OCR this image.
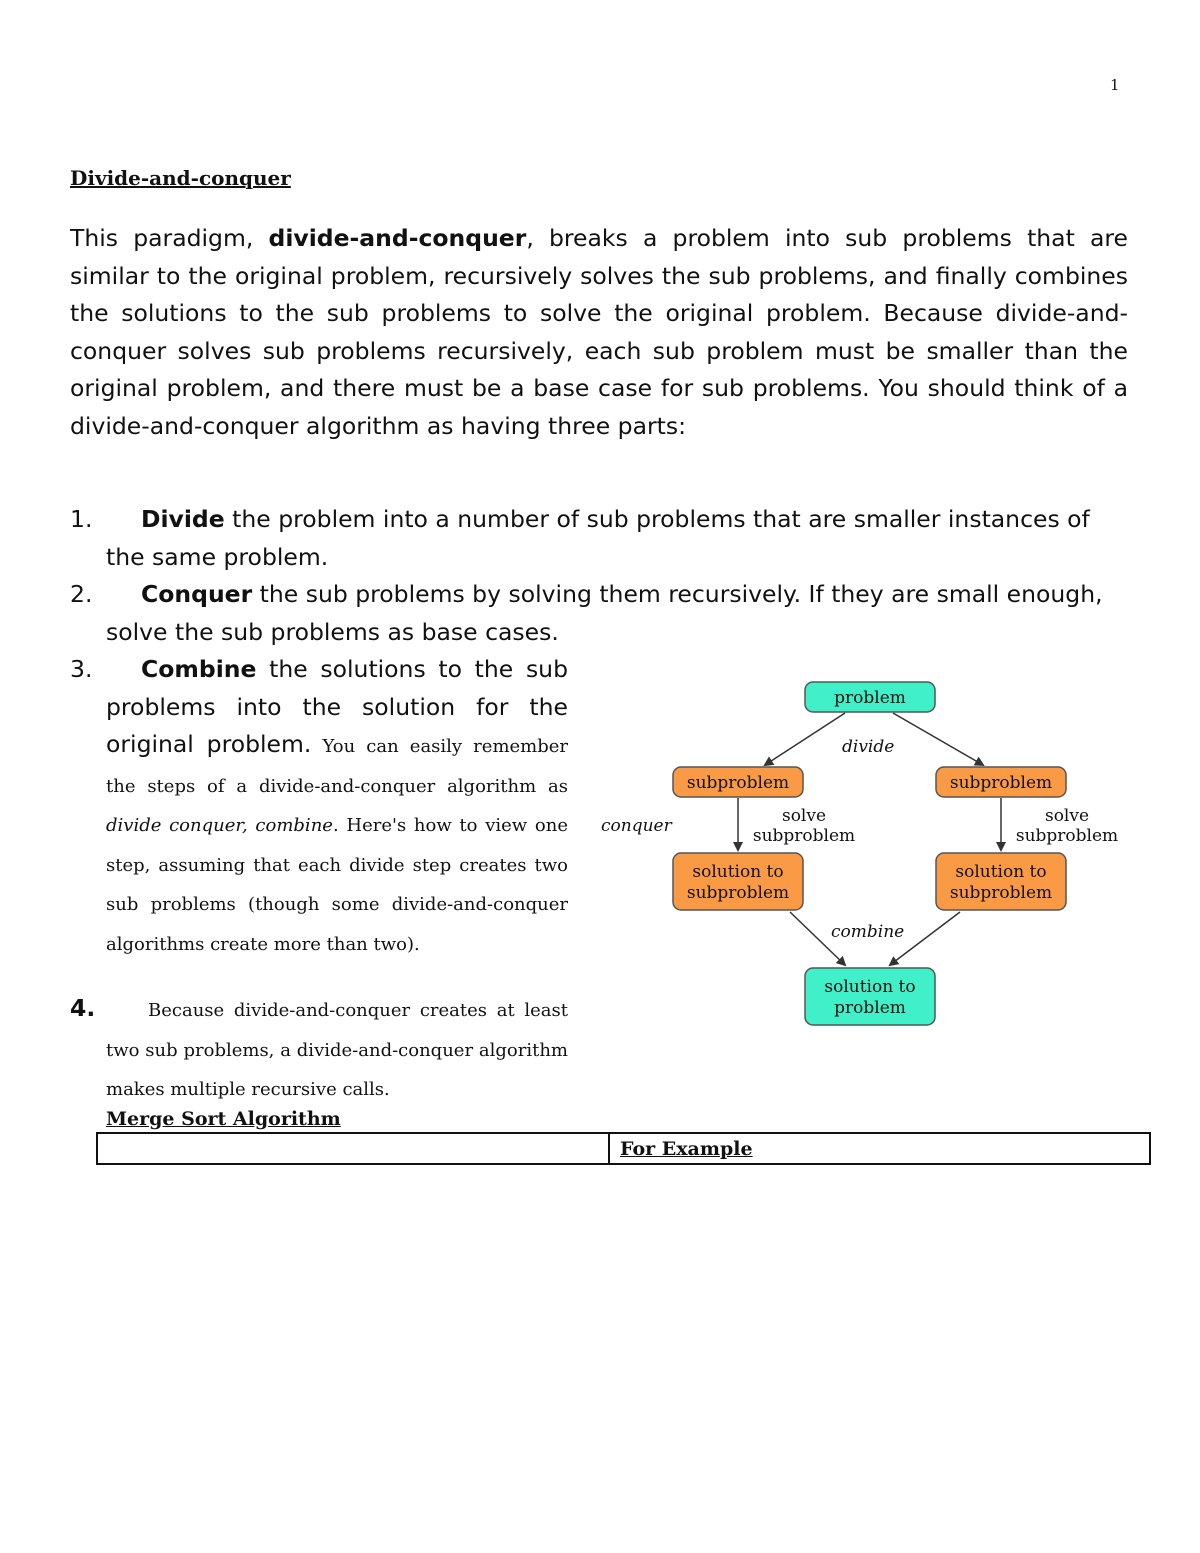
1
Divide-and-conquer
This paradigm, divide-and-conquer, breaks a problem into sub problems that are similar to the original problem, recursively solves the sub problems, and finally combines the solutions to the sub problems to solve the original problem. Because divide-and-conquer solves sub problems recursively, each sub problem must be smaller than the original problem, and there must be a base case for sub problems. You should think of a divide-and-conquer algorithm as having three parts:
1.	Divide the problem into a number of sub problems that are smaller instances of the same problem.
2.	Conquer the sub problems by solving them recursively. If they are small enough, solve the sub problems as base cases.
3.	Combine the solutions to the sub problems into the solution for the original problem. You can easily remember the steps of a divide-and-conquer algorithm as divide conquer, combine. Here's how to view one step, assuming that each divide step creates two sub problems (though some divide-and-conquer algorithms create more than two).
4.	Because divide-and-conquer creates at least two sub problems, a divide-and-conquer algorithm makes multiple recursive calls.
problem
subproblem	subproblem
solution to
subproblem
solution to
subproblem
solution to
problem
divide
conquer
combine
solve
subproblem
solve
subproblem
Merge Sort Algorithm
	For Example
